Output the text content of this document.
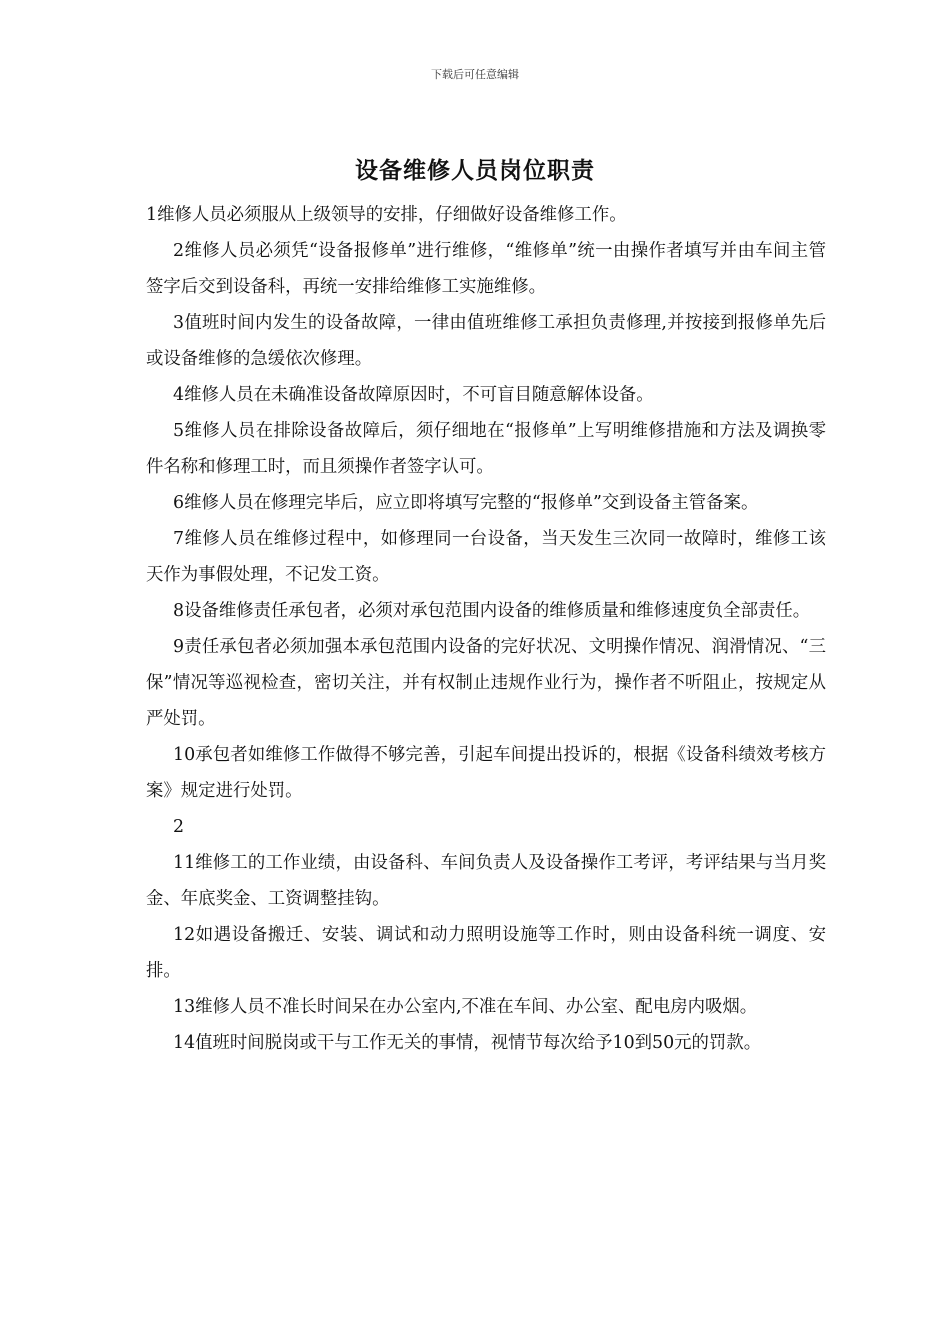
下载后可任意编辑
设备维修人员岗位职责

1维修人员必须服从上级领导的安排，仔细做好设备维修工作。

2维修人员必须凭“设备报修单”进行维修，“维修单”统一由操作者填写并由车间主管签字后交到设备科，再统一安排给维修工实施维修。

3值班时间内发生的设备故障，一律由值班维修工承担负责修理,并按接到报修单先后或设备维修的急缓依次修理。

4维修人员在未确准设备故障原因时，不可盲目随意解体设备。

5维修人员在排除设备故障后，须仔细地在“报修单”上写明维修措施和方法及调换零件名称和修理工时，而且须操作者签字认可。

6维修人员在修理完毕后，应立即将填写完整的“报修单”交到设备主管备案。

7维修人员在维修过程中，如修理同一台设备，当天发生三次同一故障时，维修工该天作为事假处理，不记发工资。

8设备维修责任承包者，必须对承包范围内设备的维修质量和维修速度负全部责任。

9责任承包者必须加强本承包范围内设备的完好状况、文明操作情况、润滑情况、“三保”情况等巡视检查，密切关注，并有权制止违规作业行为，操作者不听阻止，按规定从严处罚。

10承包者如维修工作做得不够完善，引起车间提出投诉的，根据《设备科绩效考核方案》规定进行处罚。

2

11维修工的工作业绩，由设备科、车间负责人及设备操作工考评，考评结果与当月奖金、年底奖金、工资调整挂钩。

12如遇设备搬迁、安装、调试和动力照明设施等工作时，则由设备科统一调度、安排。

13维修人员不准长时间呆在办公室内,不准在车间、办公室、配电房内吸烟。

14值班时间脱岗或干与工作无关的事情，视情节每次给予10到50元的罚款。
